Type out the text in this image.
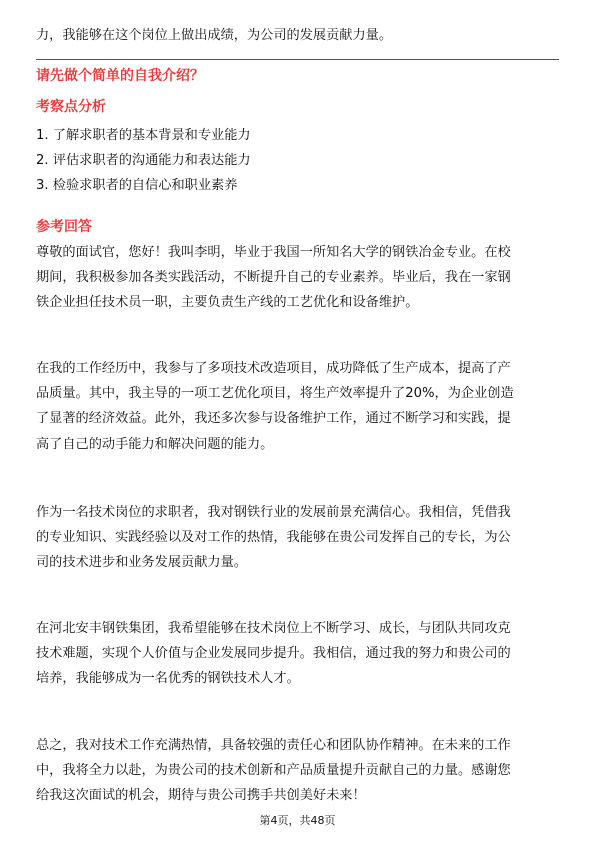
力，我能够在这个岗位上做出成绩，为公司的发展贡献力量。

请先做个简单的自我介绍？

考察点分析

1. 了解求职者的基本背景和专业能力
2. 评估求职者的沟通能力和表达能力
3. 检验求职者的自信心和职业素养

参考回答

尊敬的面试官，您好！我叫李明，毕业于我国一所知名大学的钢铁冶金专业。在校
期间，我积极参加各类实践活动，不断提升自己的专业素养。毕业后，我在一家钢
铁企业担任技术员一职，主要负责生产线的工艺优化和设备维护。

在我的工作经历中，我参与了多项技术改造项目，成功降低了生产成本，提高了产
品质量。其中，我主导的一项工艺优化项目，将生产效率提升了20%，为企业创造
了显著的经济效益。此外，我还多次参与设备维护工作，通过不断学习和实践，提
高了自己的动手能力和解决问题的能力。

作为一名技术岗位的求职者，我对钢铁行业的发展前景充满信心。我相信，凭借我
的专业知识、实践经验以及对工作的热情，我能够在贵公司发挥自己的专长，为公
司的技术进步和业务发展贡献力量。

在河北安丰钢铁集团，我希望能够在技术岗位上不断学习、成长，与团队共同攻克
技术难题，实现个人价值与企业发展同步提升。我相信，通过我的努力和贵公司的
培养，我能够成为一名优秀的钢铁技术人才。

总之，我对技术工作充满热情，具备较强的责任心和团队协作精神。在未来的工作
中，我将全力以赴，为贵公司的技术创新和产品质量提升贡献自己的力量。感谢您
给我这次面试的机会，期待与贵公司携手共创美好未来！

第4页，共48页
